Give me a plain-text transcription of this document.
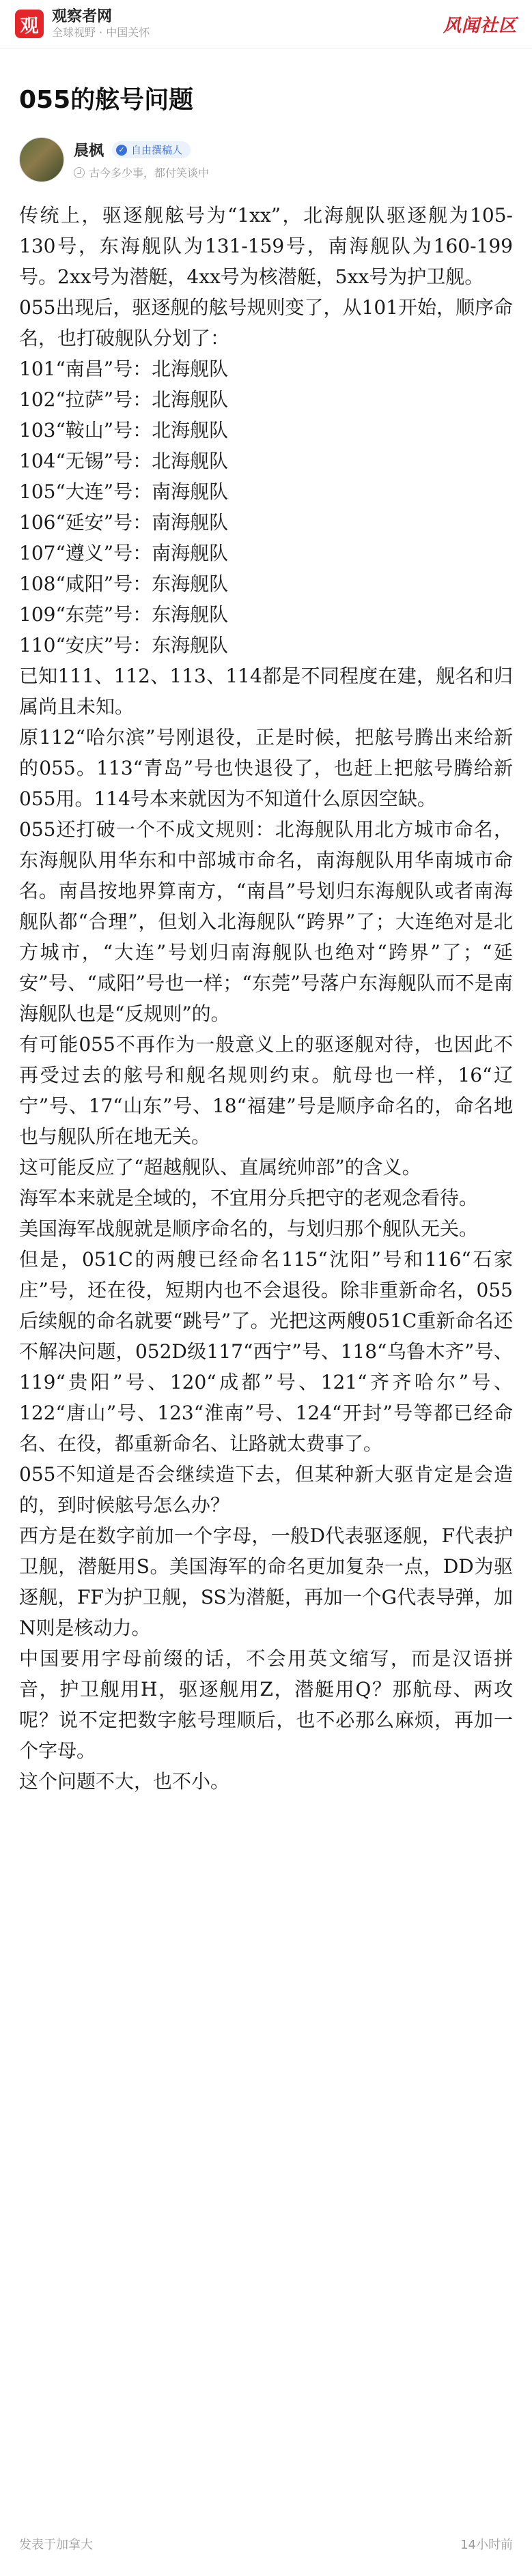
观 观察者网
全球视野 · 中国关怀	风闻社区
055的舷号问题
晨枫	✓ 自由撰稿人
古今多少事，都付笑谈中

传统上，驱逐舰舷号为“1xx”，北海舰队驱逐舰为105-130号，东海舰队为131-159号，南海舰队为160-199号。2xx号为潜艇，4xx号为核潜艇，5xx号为护卫舰。

055出现后，驱逐舰的舷号规则变了，从101开始，顺序命名，也打破舰队分划了：

101“南昌”号：北海舰队

102“拉萨”号：北海舰队

103“鞍山”号：北海舰队

104“无锡”号：北海舰队

105“大连”号：南海舰队

106“延安”号：南海舰队

107“遵义”号：南海舰队

108“咸阳”号：东海舰队

109“东莞”号：东海舰队

110“安庆”号：东海舰队

已知111、112、113、114都是不同程度在建，舰名和归属尚且未知。

原112“哈尔滨”号刚退役，正是时候，把舷号腾出来给新的055。113“青岛”号也快退役了，也赶上把舷号腾给新055用。114号本来就因为不知道什么原因空缺。

055还打破一个不成文规则：北海舰队用北方城市命名，东海舰队用华东和中部城市命名，南海舰队用华南城市命名。南昌按地界算南方，“南昌”号划归东海舰队或者南海舰队都“合理”，但划入北海舰队“跨界”了；大连绝对是北方城市，“大连”号划归南海舰队也绝对“跨界”了；“延安”号、“咸阳”号也一样；“东莞”号落户东海舰队而不是南海舰队也是“反规则”的。

有可能055不再作为一般意义上的驱逐舰对待，也因此不再受过去的舷号和舰名规则约束。航母也一样，16“辽宁”号、17“山东”号、18“福建”号是顺序命名的，命名地也与舰队所在地无关。

这可能反应了“超越舰队、直属统帅部”的含义。

海军本来就是全域的，不宜用分兵把守的老观念看待。

美国海军战舰就是顺序命名的，与划归那个舰队无关。

但是，051C的两艘已经命名115“沈阳”号和116“石家庄”号，还在役，短期内也不会退役。除非重新命名，055后续舰的命名就要“跳号”了。光把这两艘051C重新命名还不解决问题，052D级117“西宁”号、118“乌鲁木齐”号、119“贵阳”号、120“成都”号、121“齐齐哈尔”号、122“唐山”号、123“淮南”号、124“开封”号等都已经命名、在役，都重新命名、让路就太费事了。

055不知道是否会继续造下去，但某种新大驱肯定是会造的，到时候舷号怎么办？

西方是在数字前加一个字母，一般D代表驱逐舰，F代表护卫舰，潜艇用S。美国海军的命名更加复杂一点，DD为驱逐舰，FF为护卫舰，SS为潜艇，再加一个G代表导弹，加N则是核动力。

中国要用字母前缀的话，不会用英文缩写，而是汉语拼音，护卫舰用H，驱逐舰用Z，潜艇用Q？那航母、两攻呢？说不定把数字舷号理顺后，也不必那么麻烦，再加一个字母。

这个问题不大，也不小。

发表于加拿大	14小时前
